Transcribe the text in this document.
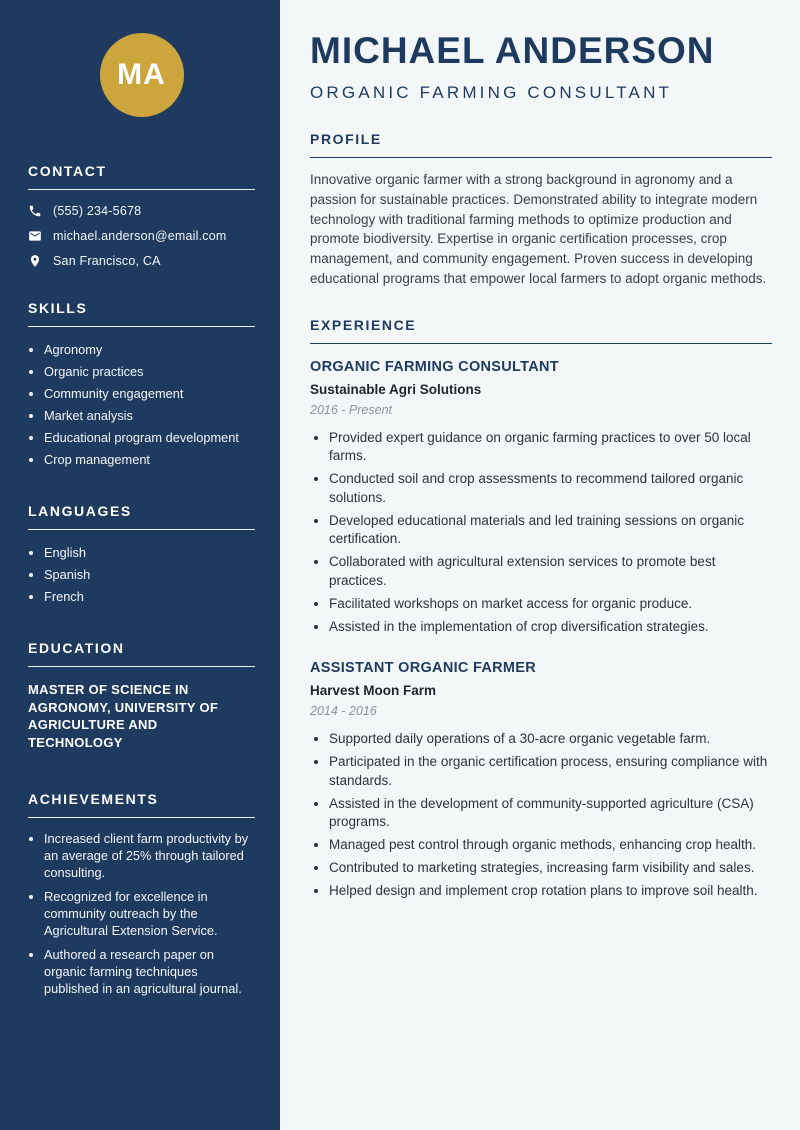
MA
CONTACT
(555) 234-5678
michael.anderson@email.com
San Francisco, CA
SKILLS
• Agronomy
• Organic practices
• Community engagement
• Market analysis
• Educational program development
• Crop management
LANGUAGES
• English
• Spanish
• French
EDUCATION

MASTER OF SCIENCE IN AGRONOMY, UNIVERSITY OF AGRICULTURE AND TECHNOLOGY

ACHIEVEMENTS
• Increased client farm productivity by an average of 25% through tailored consulting.
• Recognized for excellence in community outreach by the Agricultural Extension Service.
• Authored a research paper on organic farming techniques published in an agricultural journal.
MICHAEL ANDERSON
ORGANIC FARMING CONSULTANT
PROFILE

Innovative organic farmer with a strong background in agronomy and a passion for sustainable practices. Demonstrated ability to integrate modern technology with traditional farming methods to optimize production and promote biodiversity. Expertise in organic certification processes, crop management, and community engagement. Proven success in developing educational programs that empower local farmers to adopt organic methods.

EXPERIENCE
ORGANIC FARMING CONSULTANT
Sustainable Agri Solutions
2016 - Present
• Provided expert guidance on organic farming practices to over 50 local farms.
• Conducted soil and crop assessments to recommend tailored organic solutions.
• Developed educational materials and led training sessions on organic certification.
• Collaborated with agricultural extension services to promote best practices.
• Facilitated workshops on market access for organic produce.
• Assisted in the implementation of crop diversification strategies.
ASSISTANT ORGANIC FARMER
Harvest Moon Farm
2014 - 2016
• Supported daily operations of a 30-acre organic vegetable farm.
• Participated in the organic certification process, ensuring compliance with standards.
• Assisted in the development of community-supported agriculture (CSA) programs.
• Managed pest control through organic methods, enhancing crop health.
• Contributed to marketing strategies, increasing farm visibility and sales.
• Helped design and implement crop rotation plans to improve soil health.
